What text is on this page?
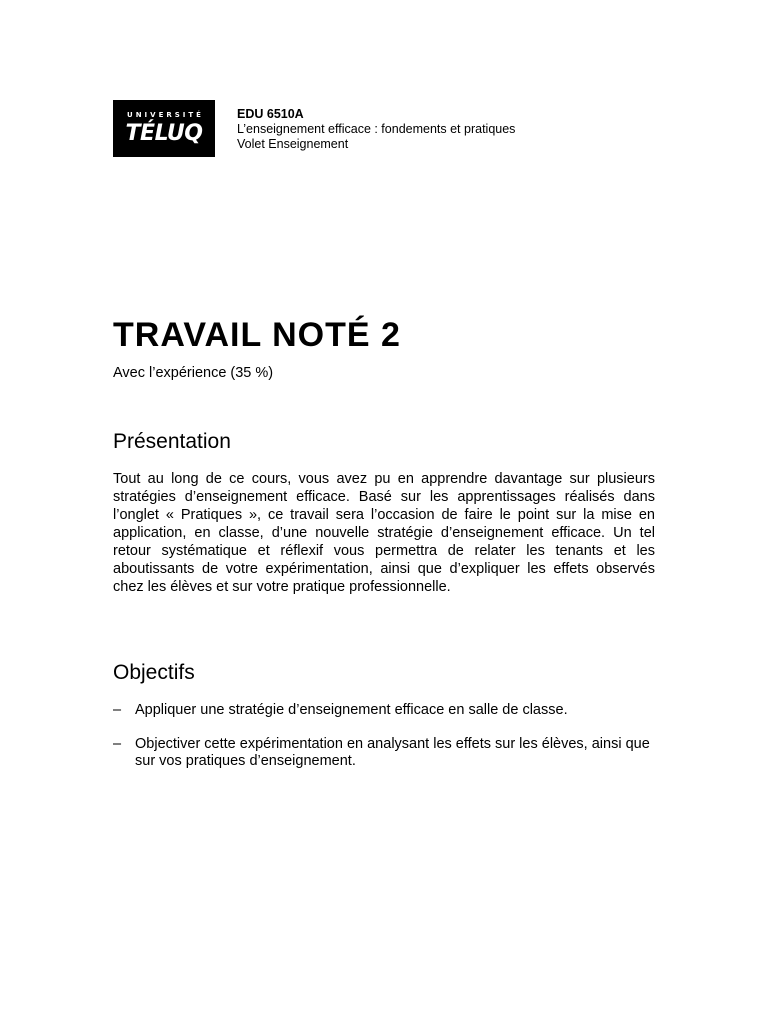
UNIVERSITÉ
TÉLUQ
EDU 6510A
L’enseignement efficace : fondements et pratiques
Volet Enseignement
TRAVAIL NOTÉ 2
Avec l’expérience (35 %)
Présentation

Tout au long de ce cours, vous avez pu en apprendre davantage sur plusieurs stratégies d’enseignement efficace. Basé sur les apprentissages réalisés dans l’onglet « Pratiques », ce travail sera l’occasion de faire le point sur la mise en application, en classe, d’une nouvelle stratégie d’enseignement efficace. Un tel retour systématique et réflexif vous permettra de relater les tenants et les aboutissants de votre expérimentation, ainsi que d’expliquer les effets observés chez les élèves et sur votre pratique professionnelle.

Objectifs
– Appliquer une stratégie d’enseignement efficace en salle de classe.
– Objectiver cette expérimentation en analysant les effets sur les élèves, ainsi que sur vos pratiques d’enseignement.
